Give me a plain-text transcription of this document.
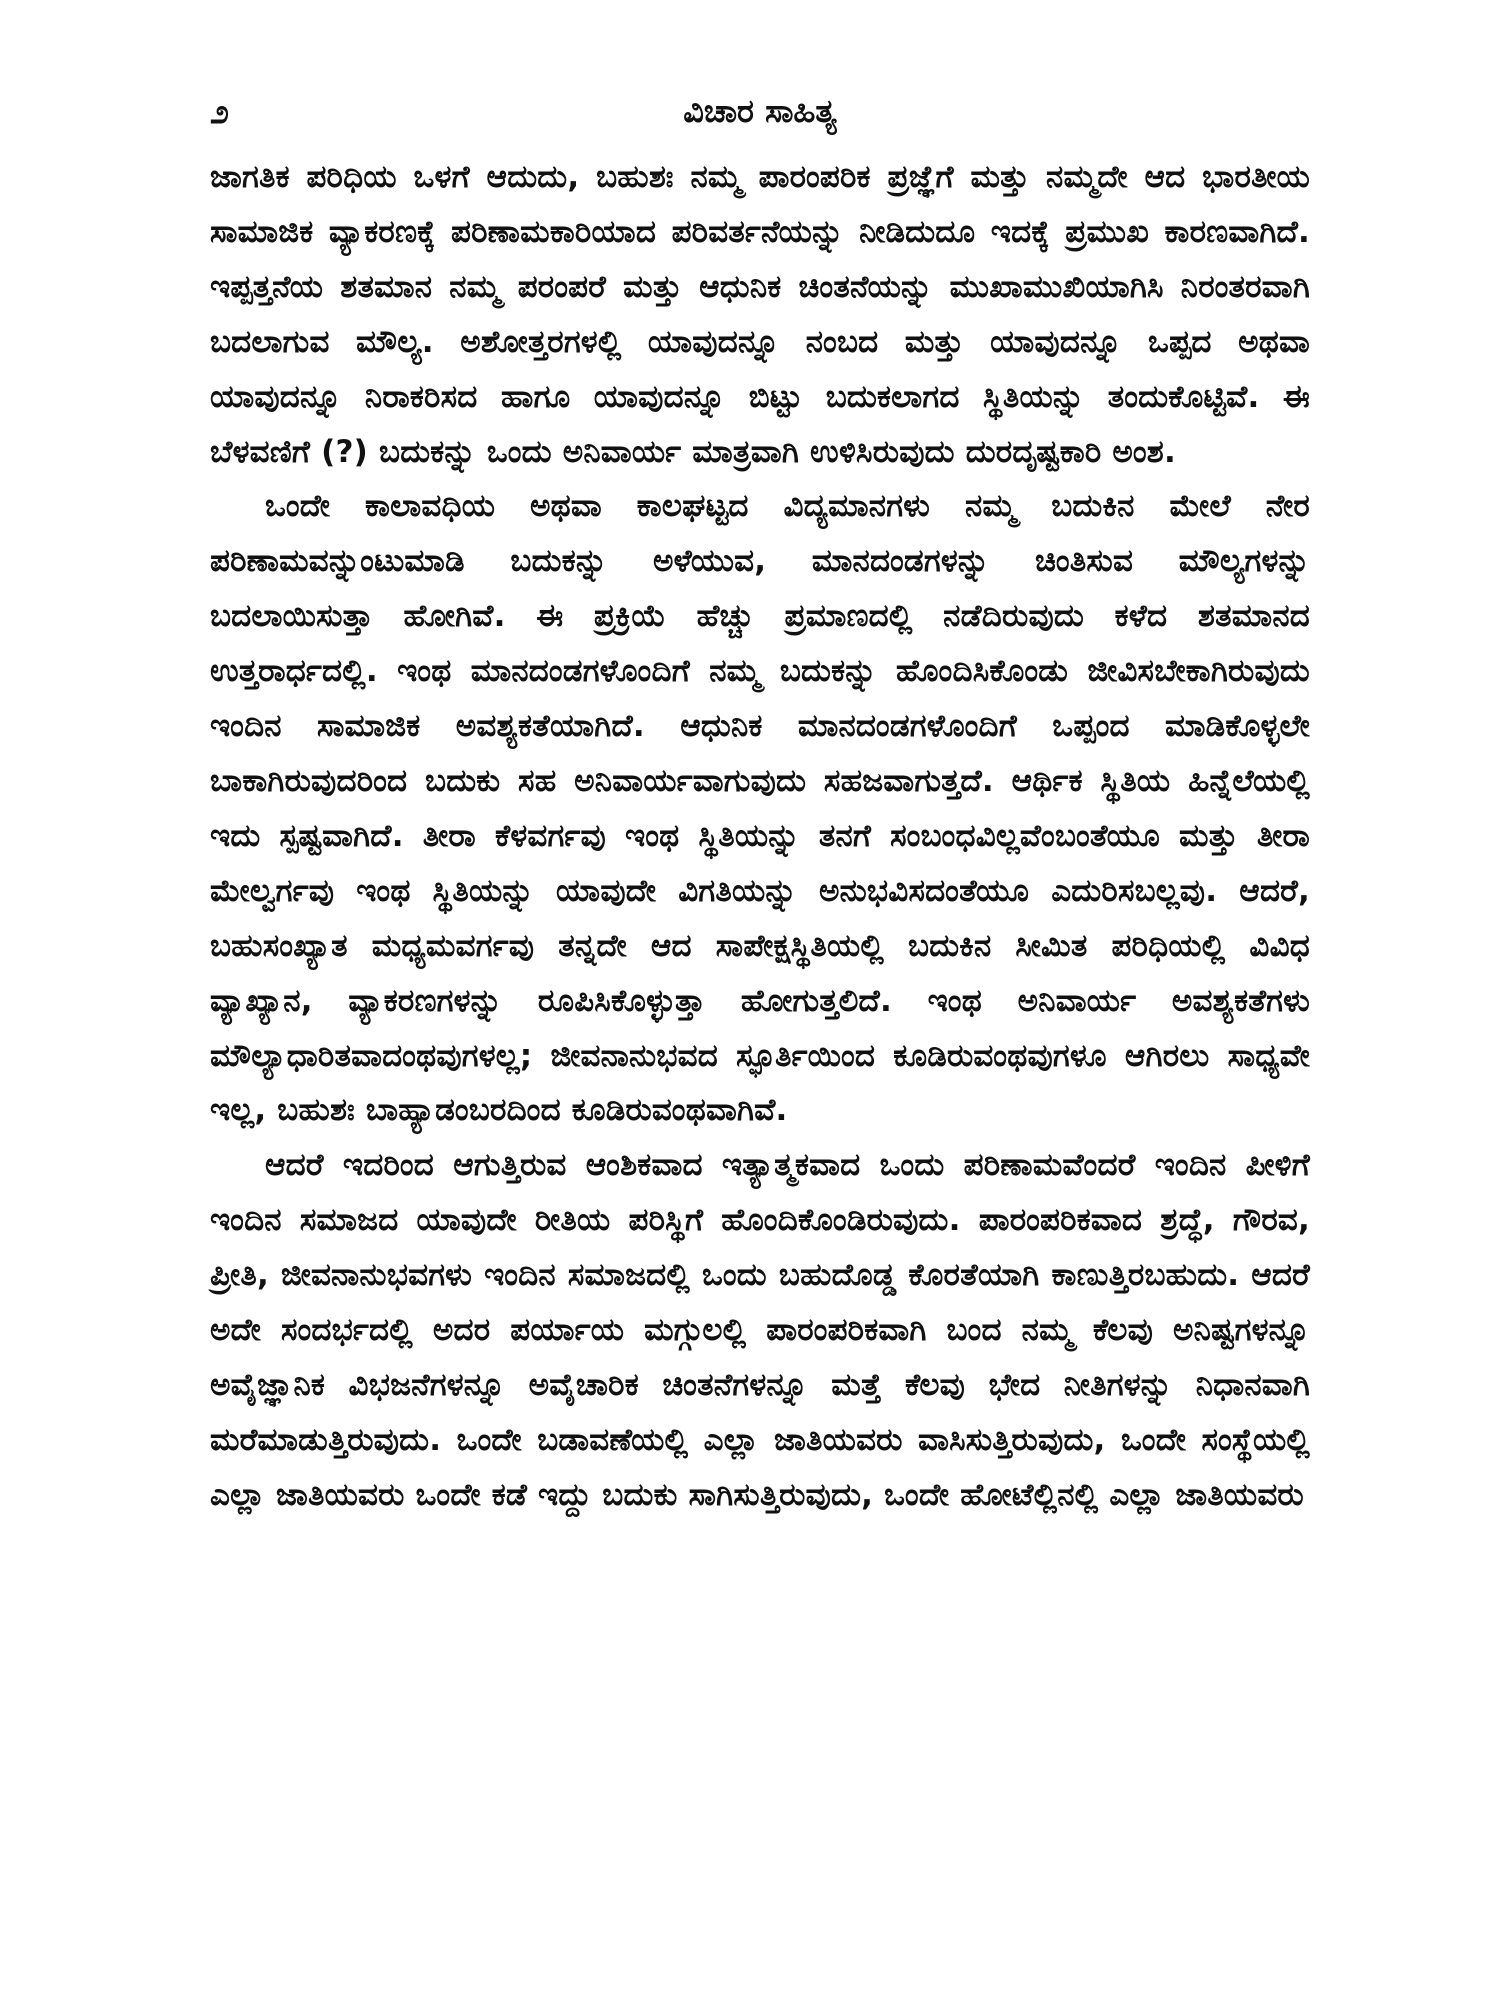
೨	ವಿಚಾರ ಸಾಹಿತ್ಯ

ಜಾಗತಿಕ ಪರಿಧಿಯ ಒಳಗೆ ಆದುದು, ಬಹುಶಃ ನಮ್ಮ ಪಾರಂಪರಿಕ ಪ್ರಜ್ಞೆಗೆ ಮತ್ತು ನಮ್ಮದೇ ಆದ ಭಾರತೀಯ ಸಾಮಾಜಿಕ ವ್ಯಾಕರಣಕ್ಕೆ ಪರಿಣಾಮಕಾರಿಯಾದ ಪರಿವರ್ತನೆಯನ್ನು ನೀಡಿದುದೂ ಇದಕ್ಕೆ ಪ್ರಮುಖ ಕಾರಣವಾಗಿದೆ. ಇಪ್ಪತ್ತನೆಯ ಶತಮಾನ ನಮ್ಮ ಪರಂಪರೆ ಮತ್ತು ಆಧುನಿಕ ಚಿಂತನೆಯನ್ನು ಮುಖಾಮುಖಿಯಾಗಿಸಿ ನಿರಂತರವಾಗಿ ಬದಲಾಗುವ ಮೌಲ್ಯ. ಅಶೋತ್ತರಗಳಲ್ಲಿ ಯಾವುದನ್ನೂ ನಂಬದ ಮತ್ತು ಯಾವುದನ್ನೂ ಒಪ್ಪದ ಅಥವಾ ಯಾವುದನ್ನೂ ನಿರಾಕರಿಸದ ಹಾಗೂ ಯಾವುದನ್ನೂ ಬಿಟ್ಟು ಬದುಕಲಾಗದ ಸ್ಥಿತಿಯನ್ನು ತಂದುಕೊಟ್ಟಿವೆ. ಈ ಬೆಳವಣಿಗೆ (?) ಬದುಕನ್ನು ಒಂದು ಅನಿವಾರ್ಯ ಮಾತ್ರವಾಗಿ ಉಳಿಸಿರುವುದು ದುರದೃಷ್ಟಕಾರಿ ಅಂಶ.

ಒಂದೇ ಕಾಲಾವಧಿಯ ಅಥವಾ ಕಾಲಘಟ್ಟದ ವಿದ್ಯಮಾನಗಳು ನಮ್ಮ ಬದುಕಿನ ಮೇಲೆ ನೇರ ಪರಿಣಾಮವನ್ನುಂಟುಮಾಡಿ ಬದುಕನ್ನು ಅಳೆಯುವ, ಮಾನದಂಡಗಳನ್ನು ಚಿಂತಿಸುವ ಮೌಲ್ಯಗಳನ್ನು ಬದಲಾಯಿಸುತ್ತಾ ಹೋಗಿವೆ. ಈ ಪ್ರಕ್ರಿಯೆ ಹೆಚ್ಚು ಪ್ರಮಾಣದಲ್ಲಿ ನಡೆದಿರುವುದು ಕಳೆದ ಶತಮಾನದ ಉತ್ತರಾರ್ಧದಲ್ಲಿ. ಇಂಥ ಮಾನದಂಡಗಳೊಂದಿಗೆ ನಮ್ಮ ಬದುಕನ್ನು ಹೊಂದಿಸಿಕೊಂಡು ಜೀವಿಸಬೇಕಾಗಿರುವುದು ಇಂದಿನ ಸಾಮಾಜಿಕ ಅವಶ್ಯಕತೆಯಾಗಿದೆ. ಆಧುನಿಕ ಮಾನದಂಡಗಳೊಂದಿಗೆ ಒಪ್ಪಂದ ಮಾಡಿಕೊಳ್ಳಲೇ ಬಾಕಾಗಿರುವುದರಿಂದ ಬದುಕು ಸಹ ಅನಿವಾರ್ಯವಾಗುವುದು ಸಹಜವಾಗುತ್ತದೆ. ಆರ್ಥಿಕ ಸ್ಥಿತಿಯ ಹಿನ್ನೆಲೆಯಲ್ಲಿ ಇದು ಸ್ಪಷ್ಟವಾಗಿದೆ. ತೀರಾ ಕೆಳವರ್ಗವು ಇಂಥ ಸ್ಥಿತಿಯನ್ನು ತನಗೆ ಸಂಬಂಧವಿಲ್ಲವೆಂಬಂತೆಯೂ ಮತ್ತು ತೀರಾ ಮೇಲ್ವರ್ಗವು ಇಂಥ ಸ್ಥಿತಿಯನ್ನು ಯಾವುದೇ ವಿಗತಿಯನ್ನು ಅನುಭವಿಸದಂತೆಯೂ ಎದುರಿಸಬಲ್ಲವು. ಆದರೆ, ಬಹುಸಂಖ್ಯಾತ ಮಧ್ಯಮವರ್ಗವು ತನ್ನದೇ ಆದ ಸಾಪೇಕ್ಷಸ್ಥಿತಿಯಲ್ಲಿ ಬದುಕಿನ ಸೀಮಿತ ಪರಿಧಿಯಲ್ಲಿ ವಿವಿಧ ವ್ಯಾಖ್ಯಾನ, ವ್ಯಾಕರಣಗಳನ್ನು ರೂಪಿಸಿಕೊಳ್ಳುತ್ತಾ ಹೋಗುತ್ತಲಿದೆ. ಇಂಥ ಅನಿವಾರ್ಯ ಅವಶ್ಯಕತೆಗಳು ಮೌಲ್ಯಾಧಾರಿತವಾದಂಥವುಗಳಲ್ಲ; ಜೀವನಾನುಭವದ ಸ್ಫೂರ್ತಿಯಿಂದ ಕೂಡಿರುವಂಥವುಗಳೂ ಆಗಿರಲು ಸಾಧ್ಯವೇ ಇಲ್ಲ, ಬಹುಶಃ ಬಾಹ್ಯಾಡಂಬರದಿಂದ ಕೂಡಿರುವಂಥವಾಗಿವೆ.

ಆದರೆ ಇದರಿಂದ ಆಗುತ್ತಿರುವ ಆಂಶಿಕವಾದ ಇತ್ಯಾತ್ಮಕವಾದ ಒಂದು ಪರಿಣಾಮವೆಂದರೆ ಇಂದಿನ ಪೀಳಿಗೆ ಇಂದಿನ ಸಮಾಜದ ಯಾವುದೇ ರೀತಿಯ ಪರಿಸ್ಥಿಗೆ ಹೊಂದಿಕೊಂಡಿರುವುದು. ಪಾರಂಪರಿಕವಾದ ಶ್ರದ್ಧೆ, ಗೌರವ, ಪ್ರೀತಿ, ಜೀವನಾನುಭವಗಳು ಇಂದಿನ ಸಮಾಜದಲ್ಲಿ ಒಂದು ಬಹುದೊಡ್ಡ ಕೊರತೆಯಾಗಿ ಕಾಣುತ್ತಿರಬಹುದು. ಆದರೆ ಅದೇ ಸಂದರ್ಭದಲ್ಲಿ ಅದರ ಪರ್ಯಾಯ ಮಗ್ಗುಲಲ್ಲಿ ಪಾರಂಪರಿಕವಾಗಿ ಬಂದ ನಮ್ಮ ಕೆಲವು ಅನಿಷ್ಟಗಳನ್ನೂ ಅವೈಜ್ಞಾನಿಕ ವಿಭಜನೆಗಳನ್ನೂ ಅವೈಚಾರಿಕ ಚಿಂತನೆಗಳನ್ನೂ ಮತ್ತೆ ಕೆಲವು ಭೇದ ನೀತಿಗಳನ್ನು ನಿಧಾನವಾಗಿ ಮರೆಮಾಡುತ್ತಿರುವುದು. ಒಂದೇ ಬಡಾವಣೆಯಲ್ಲಿ ಎಲ್ಲಾ ಜಾತಿಯವರು ವಾಸಿಸುತ್ತಿರುವುದು, ಒಂದೇ ಸಂಸ್ಥೆಯಲ್ಲಿ ಎಲ್ಲಾ ಜಾತಿಯವರು ಒಂದೇ ಕಡೆ ಇದ್ದು ಬದುಕು ಸಾಗಿಸುತ್ತಿರುವುದು, ಒಂದೇ ಹೋಟೆಲ್ಲಿನಲ್ಲಿ ಎಲ್ಲಾ ಜಾತಿಯವರು
